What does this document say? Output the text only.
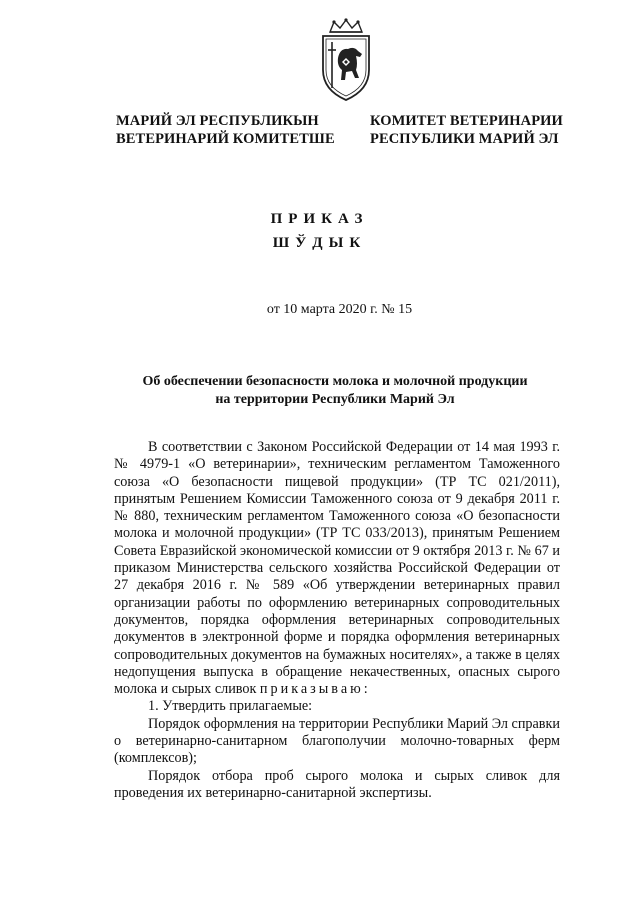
МАРИЙ ЭЛ РЕСПУБЛИКЫН
ВЕТЕРИНАРИЙ КОМИТЕТШЕ
КОМИТЕТ ВЕТЕРИНАРИИ
РЕСПУБЛИКИ МАРИЙ ЭЛ
ПРИКАЗ
ШЎДЫК
от 10 марта 2020 г. № 15
Об обеспечении безопасности молока и молочной продукции
на территории Республики Марий Эл

В соответствии с Законом Российской Федерации от 14 мая 1993 г. № 4979-1 «О ветеринарии», техническим регламентом Таможенного союза «О безопасности пищевой продукции» (ТР ТС 021/2011), принятым Решением Комиссии Таможенного союза от 9 декабря 2011 г. № 880, техническим регламентом Таможенного союза «О безопасности молока и молочной продукции» (ТР ТС 033/2013), принятым Решением Совета Евразийской экономической комиссии от 9 октября 2013 г. № 67 и приказом Министерства сельского хозяйства Российской Федерации от 27 декабря 2016 г. № 589 «Об утверждении ветеринарных правил организации работы по оформлению ветеринарных сопроводительных документов, порядка оформления ветеринарных сопроводительных документов в электронной форме и порядка оформления ветеринарных сопроводительных документов на бумажных носителях», а также в целях недопущения выпуска в обращение некачественных, опасных сырого молока и сырых сливок приказываю:

1. Утвердить прилагаемые:

Порядок оформления на территории Республики Марий Эл справки о ветеринарно-санитарном благополучии молочно-товарных ферм (комплексов);

Порядок отбора проб сырого молока и сырых сливок для проведения их ветеринарно-санитарной экспертизы.
